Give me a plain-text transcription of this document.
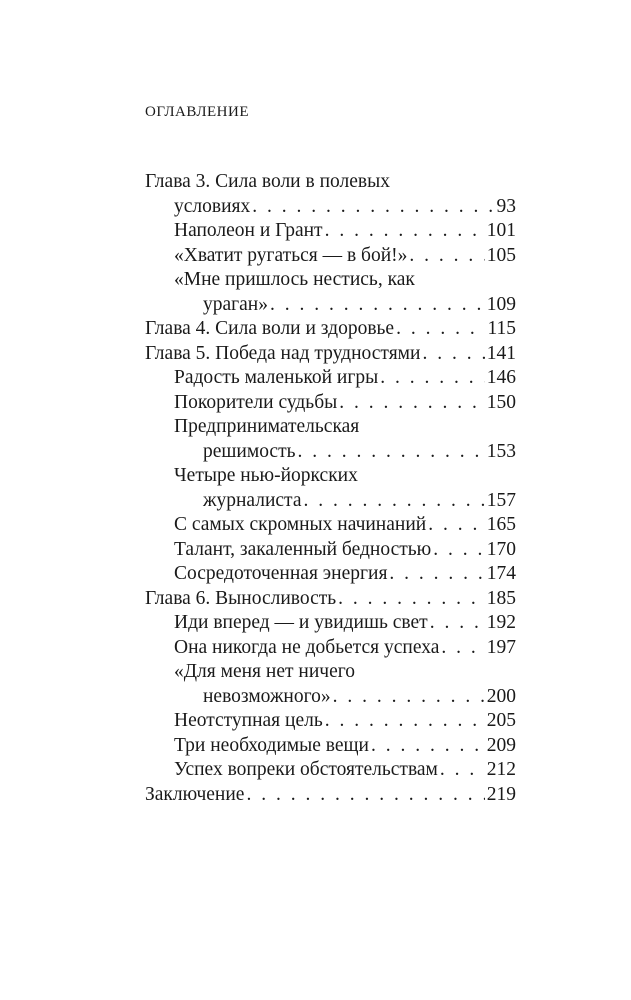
ОГЛАВЛЕНИЕ
Глава 3. Сила воли в полевых
условиях . . .	93
Наполеон и Грант . . .	101
«Хватит ругаться — в бой!» . . .	105
«Мне пришлось нестись, как
ураган» . . .	109
Глава 4. Сила воли и здоровье . . .	115
Глава 5. Победа над трудностями . . .	141
Радость маленькой игры . . .	146
Покорители судьбы . . .	150
Предпринимательская
решимость . . .	153
Четыре нью-йоркских
журналиста . . .	157
С самых скромных начинаний . . .	165
Талант, закаленный бедностью . . .	170
Сосредоточенная энергия . . .	174
Глава 6. Выносливость . . .	185
Иди вперед — и увидишь свет . . .	192
Она никогда не добьется успеха . . . 197
«Для меня нет ничего
невозможного» . . .	200
Неотступная цель . . .	205
Три необходимые вещи . . .	209
Успех вопреки обстоятельствам . . .	212
Заключение . . .	219
